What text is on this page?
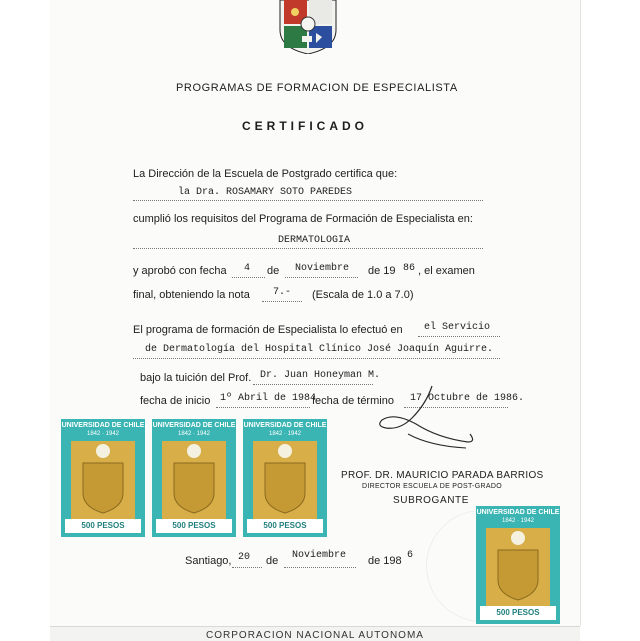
PROGRAMAS DE FORMACION DE ESPECIALISTA
CERTIFICADO
La Dirección de la Escuela de Postgrado certifica que:
la Dra. ROSAMARY SOTO PAREDES
cumplió los requisitos del Programa de Formación de Especialista en:
DERMATOLOGIA
y aprobó con fecha 4 de Noviembre de 19 86 , el examen
final, obteniendo la nota 7.- (Escala de 1.0 a 7.0)
El programa de formación de Especialista lo efectuó en el Servicio
de Dermatología del Hospital Clínico José Joaquín Aguirre.
bajo la tuición del Prof. Dr. Juan Honeyman M.
fecha de inicio 1º Abril de 1984
fecha de término 17 Octubre de 1986.
PROF. DR. MAURICIO PARADA BARRIOS
DIRECTOR ESCUELA DE POST-GRADO
SUBROGANTE
UNIVERSIDAD DE CHILE
1842 · 1942
500 PESOS
UNIVERSIDAD DE CHILE
1842 · 1942
500 PESOS
UNIVERSIDAD DE CHILE
1842 · 1942
500 PESOS
UNIVERSIDAD DE CHILE
1842 · 1942
500 PESOS
Santiago, 20 de Noviembre de 198 6
CORPORACION NACIONAL AUTONOMA
